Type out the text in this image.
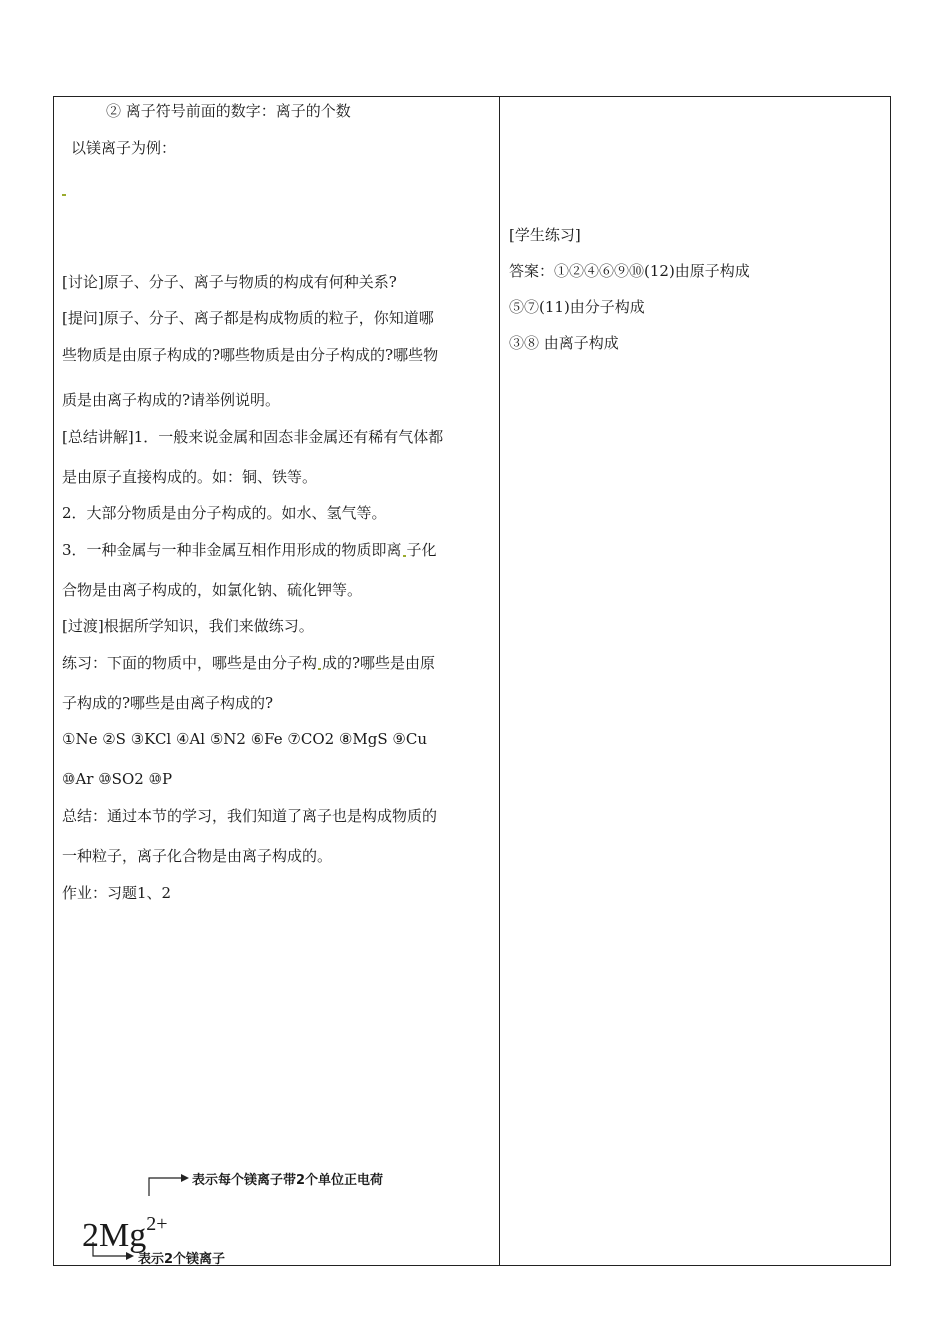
② 离子符号前面的数字：离子的个数
以镁离子为例：
[讨论]原子、分子、离子与物质的构成有何种关系?
[提问]原子、分子、离子都是构成物质的粒子，你知道哪
些物质是由原子构成的?哪些物质是由分子构成的?哪些物
质是由离子构成的?请举例说明。
[总结讲解]1．一般来说金属和固态非金属还有稀有气体都
是由原子直接构成的。如：铜、铁等。
2．大部分物质是由分子构成的。如水、氢气等。
3．一种金属与一种非金属互相作用形成的物质即离 子化
合物是由离子构成的，如氯化钠、硫化钾等。
[过渡]根据所学知识，我们来做练习。
练习：下面的物质中，哪些是由分子构 成的?哪些是由原
子构成的?哪些是由离子构成的?
①Ne ②S ③KCl ④Al ⑤N2 ⑥Fe ⑦CO2 ⑧MgS ⑨Cu
⑩Ar ⑩SO2 ⑩P
总结：通过本节的学习，我们知道了离子也是构成物质的
一种粒子，离子化合物是由离子构成的。
作业：习题1、2
表示每个镁离子带2个单位正电荷
$2Mg^{2+}$
表示2个镁离子
[学生练习]
答案：①②④⑥⑨⑩(12)由原子构成
⑤⑦(11)由分子构成
③⑧ 由离子构成
